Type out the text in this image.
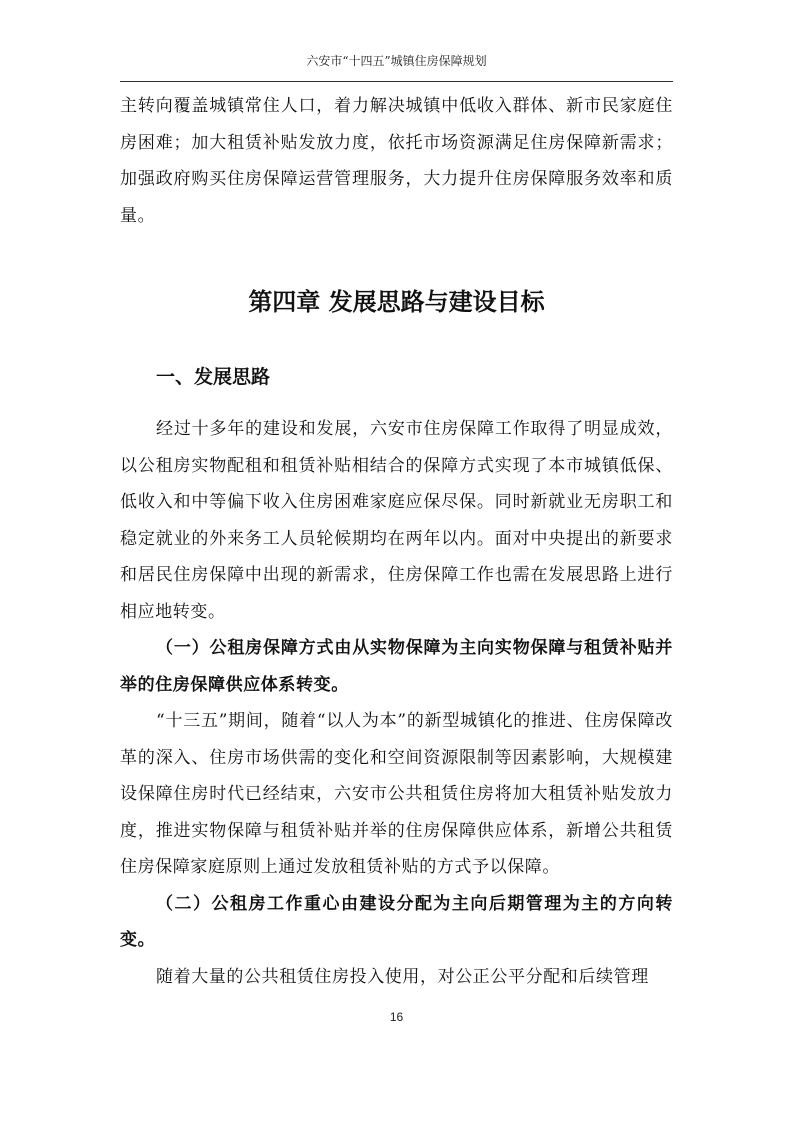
六安市“十四五”城镇住房保障规划

主转向覆盖城镇常住人口，着力解决城镇中低收入群体、新市民家庭住房困难；加大租赁补贴发放力度，依托市场资源满足住房保障新需求；加强政府购买住房保障运营管理服务，大力提升住房保障服务效率和质量。

第四章 发展思路与建设目标
一、发展思路

经过十多年的建设和发展，六安市住房保障工作取得了明显成效，以公租房实物配租和租赁补贴相结合的保障方式实现了本市城镇低保、低收入和中等偏下收入住房困难家庭应保尽保。同时新就业无房职工和稳定就业的外来务工人员轮候期均在两年以内。面对中央提出的新要求和居民住房保障中出现的新需求，住房保障工作也需在发展思路上进行相应地转变。

（一）公租房保障方式由从实物保障为主向实物保障与租赁补贴并举的住房保障供应体系转变。

“十三五”期间，随着“以人为本”的新型城镇化的推进、住房保障改革的深入、住房市场供需的变化和空间资源限制等因素影响，大规模建设保障住房时代已经结束，六安市公共租赁住房将加大租赁补贴发放力度，推进实物保障与租赁补贴并举的住房保障供应体系，新增公共租赁住房保障家庭原则上通过发放租赁补贴的方式予以保障。

（二）公租房工作重心由建设分配为主向后期管理为主的方向转变。

随着大量的公共租赁住房投入使用，对公正公平分配和后续管理

16
